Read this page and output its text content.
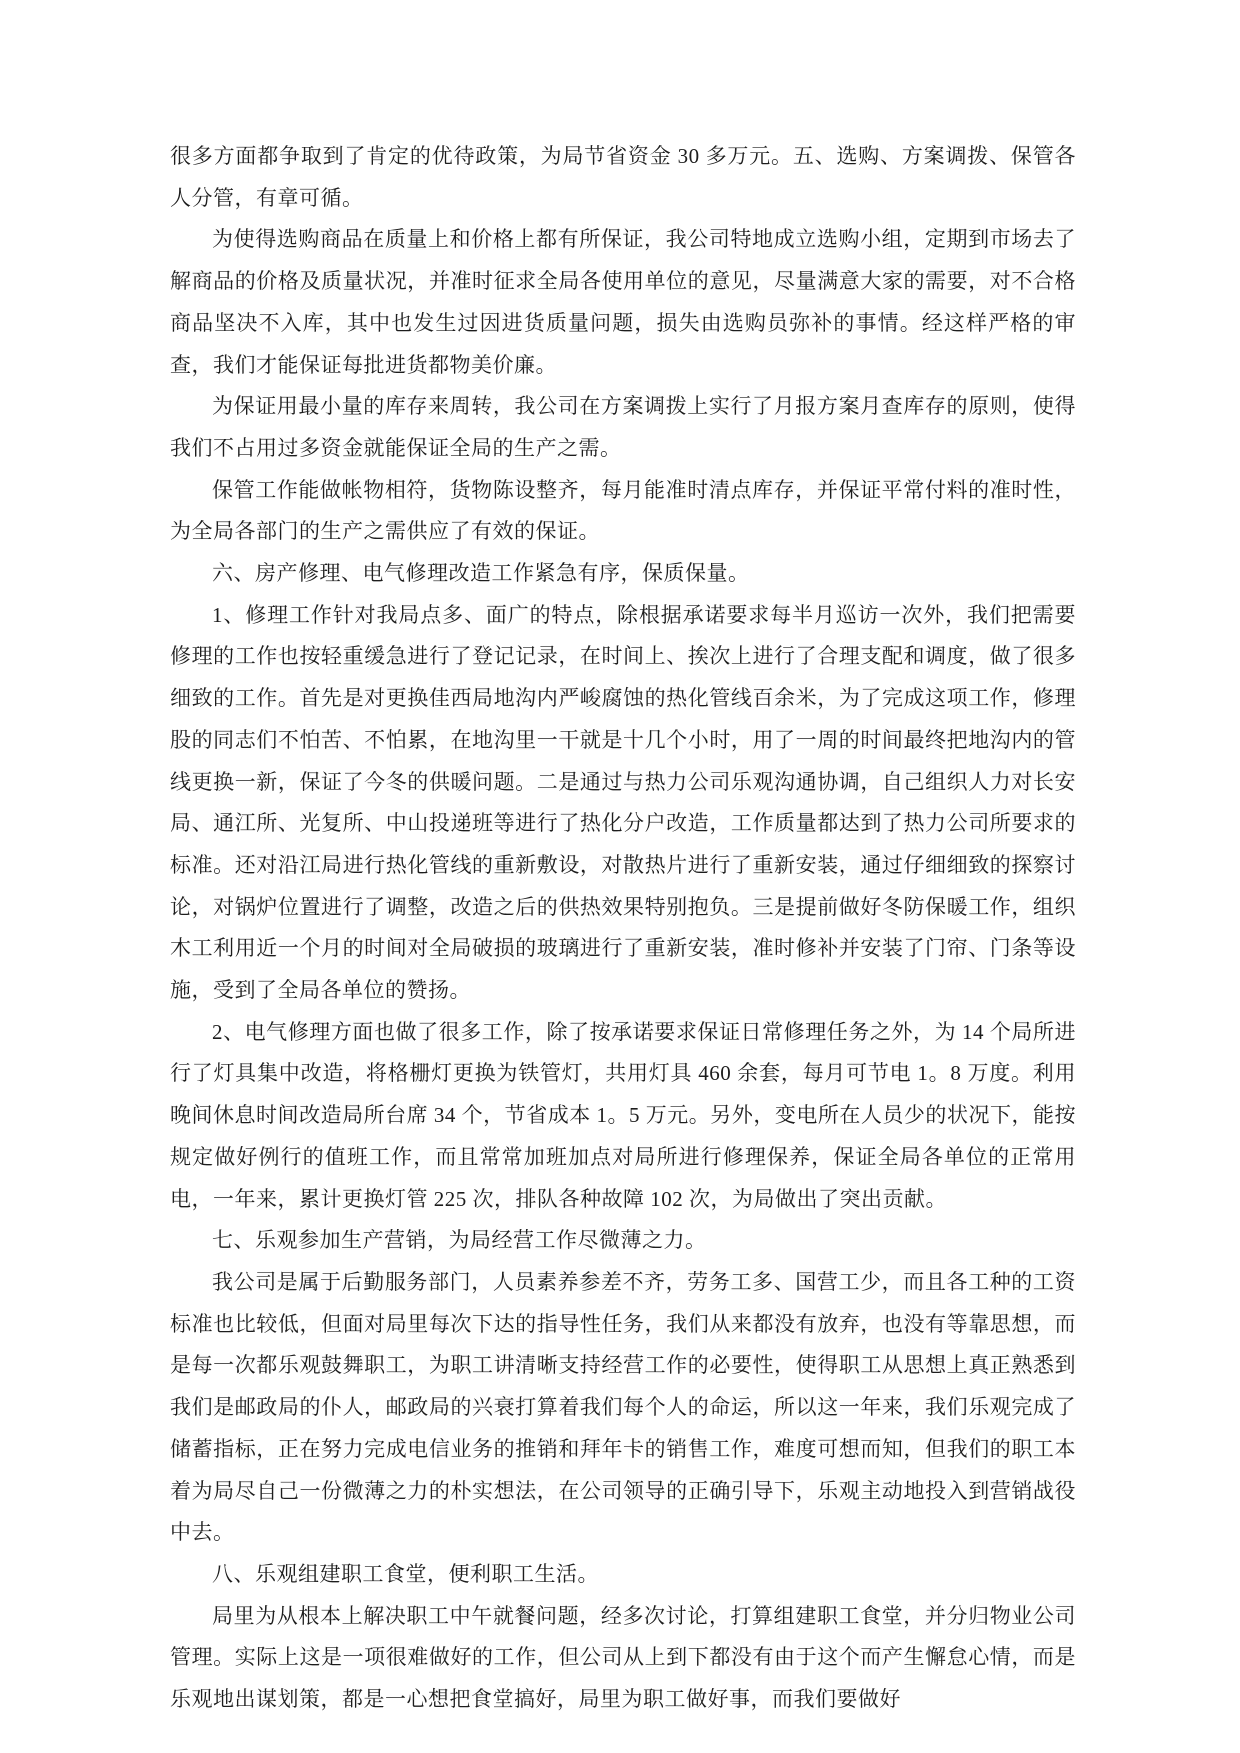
很多方面都争取到了肯定的优待政策，为局节省资金 30 多万元。五、选购、方案调拨、保管各人分管，有章可循。

为使得选购商品在质量上和价格上都有所保证，我公司特地成立选购小组，定期到市场去了解商品的价格及质量状况，并准时征求全局各使用单位的意见，尽量满意大家的需要，对不合格商品坚决不入库，其中也发生过因进货质量问题，损失由选购员弥补的事情。经这样严格的审查，我们才能保证每批进货都物美价廉。

为保证用最小量的库存来周转，我公司在方案调拨上实行了月报方案月查库存的原则，使得我们不占用过多资金就能保证全局的生产之需。

保管工作能做帐物相符，货物陈设整齐，每月能准时清点库存，并保证平常付料的准时性，为全局各部门的生产之需供应了有效的保证。

六、房产修理、电气修理改造工作紧急有序，保质保量。

1、修理工作针对我局点多、面广的特点，除根据承诺要求每半月巡访一次外，我们把需要修理的工作也按轻重缓急进行了登记记录，在时间上、挨次上进行了合理支配和调度，做了很多细致的工作。首先是对更换佳西局地沟内严峻腐蚀的热化管线百余米，为了完成这项工作，修理股的同志们不怕苦、不怕累，在地沟里一干就是十几个小时，用了一周的时间最终把地沟内的管线更换一新，保证了今冬的供暖问题。二是通过与热力公司乐观沟通协调，自己组织人力对长安局、通江所、光复所、中山投递班等进行了热化分户改造，工作质量都达到了热力公司所要求的标准。还对沿江局进行热化管线的重新敷设，对散热片进行了重新安装，通过仔细细致的探察讨论，对锅炉位置进行了调整，改造之后的供热效果特别抱负。三是提前做好冬防保暖工作，组织木工利用近一个月的时间对全局破损的玻璃进行了重新安装，准时修补并安装了门帘、门条等设施，受到了全局各单位的赞扬。

2、电气修理方面也做了很多工作，除了按承诺要求保证日常修理任务之外，为 14 个局所进行了灯具集中改造，将格栅灯更换为铁管灯，共用灯具 460 余套，每月可节电 1。8 万度。利用晚间休息时间改造局所台席 34 个，节省成本 1。5 万元。另外，变电所在人员少的状况下，能按规定做好例行的值班工作，而且常常加班加点对局所进行修理保养，保证全局各单位的正常用电，一年来，累计更换灯管 225 次，排队各种故障 102 次，为局做出了突出贡献。

七、乐观参加生产营销，为局经营工作尽微薄之力。

我公司是属于后勤服务部门，人员素养参差不齐，劳务工多、国营工少，而且各工种的工资标准也比较低，但面对局里每次下达的指导性任务，我们从来都没有放弃，也没有等靠思想，而是每一次都乐观鼓舞职工，为职工讲清晰支持经营工作的必要性，使得职工从思想上真正熟悉到我们是邮政局的仆人，邮政局的兴衰打算着我们每个人的命运，所以这一年来，我们乐观完成了储蓄指标，正在努力完成电信业务的推销和拜年卡的销售工作，难度可想而知，但我们的职工本着为局尽自己一份微薄之力的朴实想法，在公司领导的正确引导下，乐观主动地投入到营销战役中去。

八、乐观组建职工食堂，便利职工生活。

局里为从根本上解决职工中午就餐问题，经多次讨论，打算组建职工食堂，并分归物业公司管理。实际上这是一项很难做好的工作，但公司从上到下都没有由于这个而产生懈怠心情，而是乐观地出谋划策，都是一心想把食堂搞好，局里为职工做好事，而我们要做好
